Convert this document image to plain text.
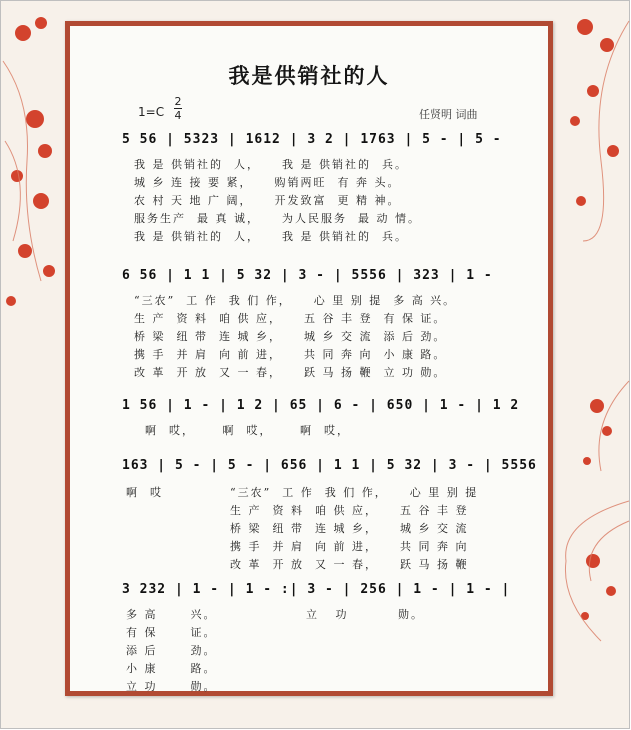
我是供销社的人
1=C
2
4	任贤明 词曲
5 56 | 5323 | 1612 | 3 2 | 1763 | 5 - | 5 -
我 是 供销社的  人，    我 是 供销社的  兵。
城 乡 连 接 要 紧，    购销两旺  有 奔 头。
农 村 天 地 广 阔，    开发致富  更 精 神。
服务生产  最 真 诚，    为人民服务  最 动 情。
我 是 供销社的  人，    我 是 供销社的  兵。
6 56 | 1 1 | 5 32 | 3 - | 5556 | 323 | 1 -
“三农”  工 作  我 们 作，    心 里 别 提  多 高 兴。
生 产  资 料  咱 供 应，    五 谷 丰 登  有 保 证。
桥 梁  纽 带  连 城 乡，    城 乡 交 流  添 后 劲。
携 手  并 肩  向 前 进，    共 同 奔 向  小 康 路。
改 革  开 放  又 一 春，    跃 马 扬 鞭  立 功 勋。
1 56 | 1 - | 1 2 | 65 | 6 - | 650 | 1 - | 1 2
啊  哎，     啊  哎，     啊  哎，
163 | 5 - | 5 - | 656 | 1 1 | 5 32 | 3 - | 5556
啊  哎	“三农”  工 作  我 们 作，    心 里 别 提
生 产  资 料  咱 供 应，    五 谷 丰 登
桥 梁  纽 带  连 城 乡，    城 乡 交 流
携 手  并 肩  向 前 进，    共 同 奔 向
改 革  开 放  又 一 春，    跃 马 扬 鞭
3 232 | 1 - | 1 - :| 3 - | 256 | 1 - | 1 - |
多 高      兴。
有 保      证。
添 后      劲。
小 康      路。
立 功      勋。
立   功         勋。
